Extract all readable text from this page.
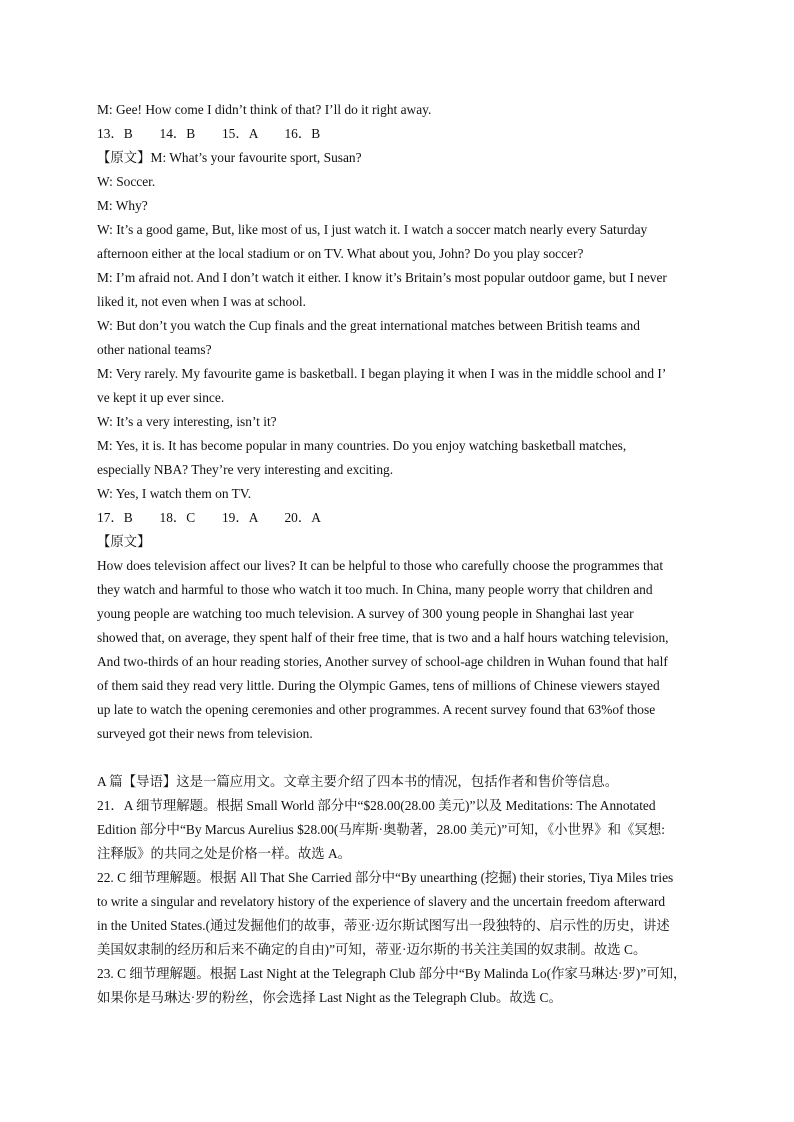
M: Gee! How come I didn’t think of that? I’ll do it right away.
13．B　　14．B　　15．A　　16．B
【原文】M: What’s your favourite sport, Susan?
W: Soccer.
M: Why?
W: It’s a good game, But, like most of us, I just watch it. I watch a soccer match nearly every Saturday
afternoon either at the local stadium or on TV. What about you, John? Do you play soccer?
M: I’m afraid not. And I don’t watch it either. I know it’s Britain’s most popular outdoor game, but I never
liked it, not even when I was at school.
W: But don’t you watch the Cup finals and the great international matches between British teams and
other national teams?
M: Very rarely. My favourite game is basketball. I began playing it when I was in the middle school and I’
ve kept it up ever since.
W: It’s a very interesting, isn’t it?
M: Yes, it is. It has become popular in many countries. Do you enjoy watching basketball matches,
especially NBA? They’re very interesting and exciting.
W: Yes, I watch them on TV.
17．B　　18．C　　19．A　　20．A
【原文】
How does television affect our lives? It can be helpful to those who carefully choose the programmes that
they watch and harmful to those who watch it too much. In China, many people worry that children and
young people are watching too much television. A survey of 300 young people in Shanghai last year
showed that, on average, they spent half of their free time, that is two and a half hours watching television,
And two-thirds of an hour reading stories, Another survey of school-age children in Wuhan found that half
of them said they read very little. During the Olympic Games, tens of millions of Chinese viewers stayed
up late to watch the opening ceremonies and other programmes. A recent survey found that 63%of those
surveyed got their news from television.
A 篇【导语】这是一篇应用文。文章主要介绍了四本书的情况，包括作者和售价等信息。
21．A 细节理解题。根据 Small World 部分中“$28.00(28.00 美元)”以及 Meditations: The Annotated
Edition 部分中“By Marcus Aurelius $28.00(马库斯·奥勒著，28.00 美元)”可知，《小世界》和《冥想:
注释版》的共同之处是价格一样。故选 A。
22. C 细节理解题。根据 All That She Carried 部分中“By unearthing (挖掘) their stories, Tiya Miles tries
to write a singular and revelatory history of the experience of slavery and the uncertain freedom afterward
in the United States.(通过发掘他们的故事，蒂亚·迈尔斯试图写出一段独特的、启示性的历史，讲述
美国奴隶制的经历和后来不确定的自由)”可知，蒂亚·迈尔斯的书关注美国的奴隶制。故选 C。
23. C 细节理解题。根据 Last Night at the Telegraph Club 部分中“By Malinda Lo(作家马琳达·罗)”可知，
如果你是马琳达·罗的粉丝，你会选择 Last Night as the Telegraph Club。故选 C。
